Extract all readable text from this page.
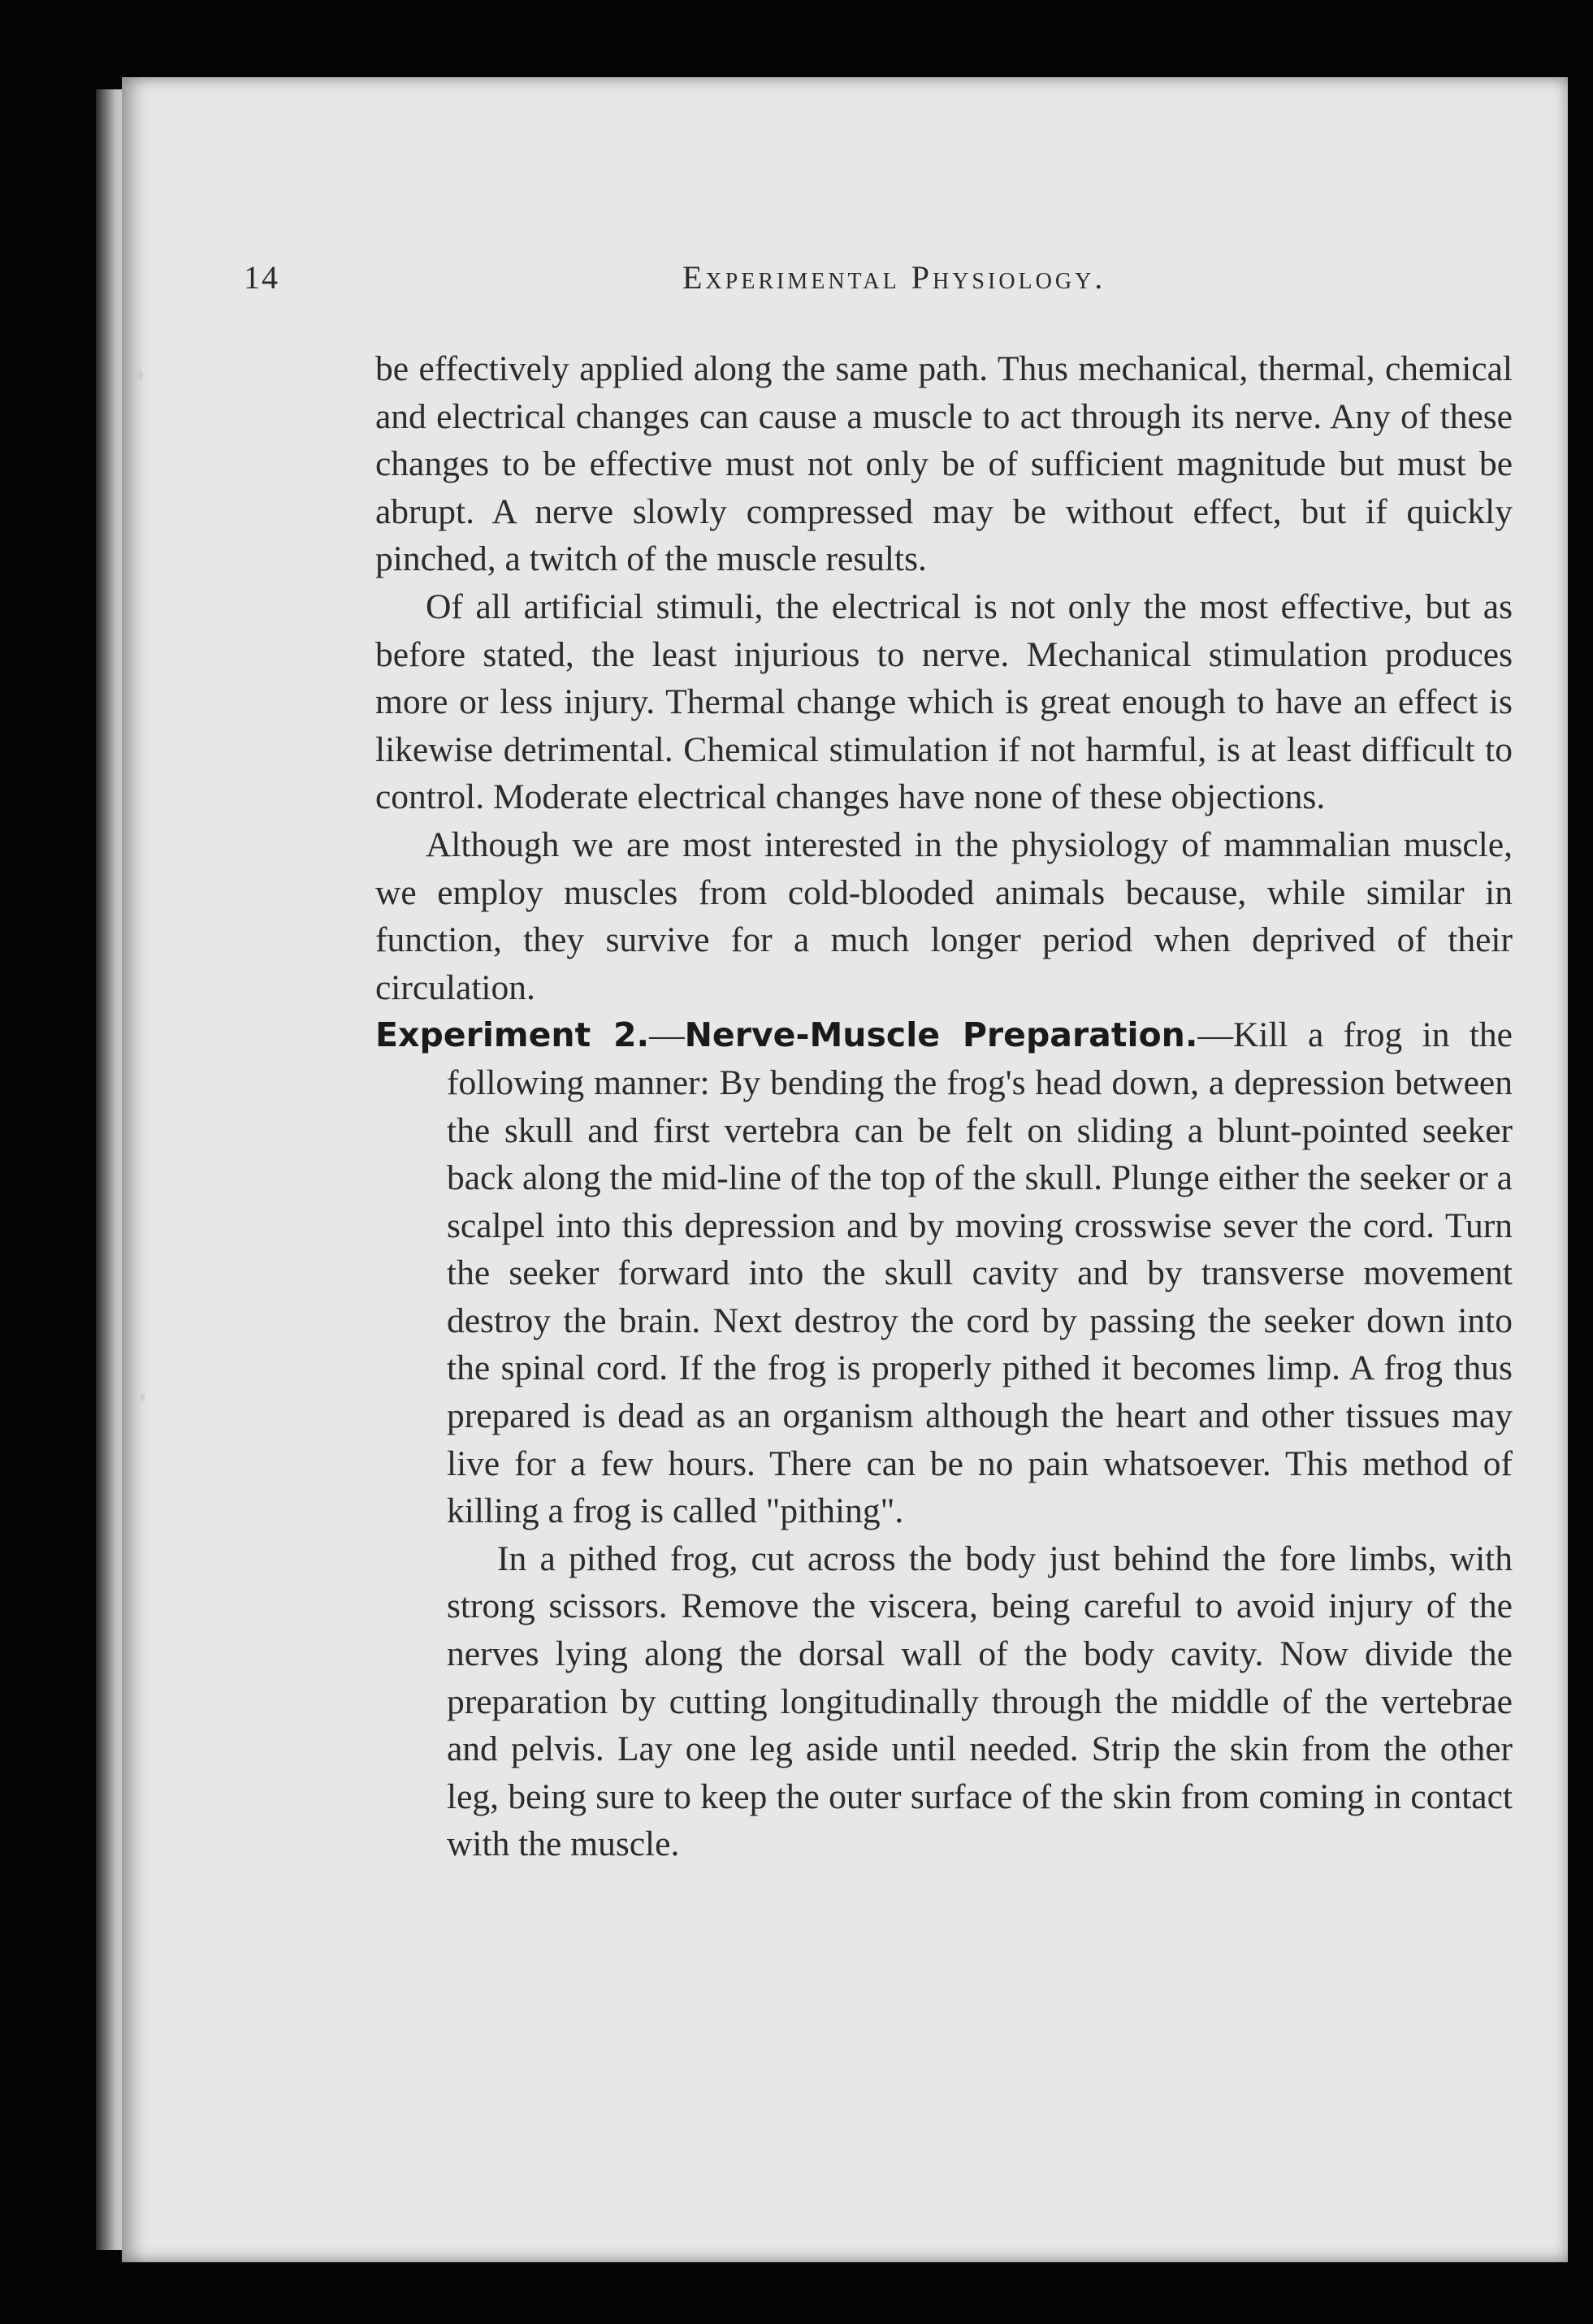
14	Experimental Physiology.

be effectively applied along the same path. Thus mechanical, thermal, chemical and electrical changes can cause a muscle to act through its nerve. Any of these changes to be effective must not only be of sufficient magnitude but must be abrupt. A nerve slowly compressed may be without effect, but if quickly pinched, a twitch of the muscle results.

Of all artificial stimuli, the electrical is not only the most effective, but as before stated, the least injurious to nerve. Mechanical stimulation produces more or less injury. Thermal change which is great enough to have an effect is likewise detrimental. Chemical stimulation if not harmful, is at least difficult to control. Moderate electrical changes have none of these objections.

Although we are most interested in the physiology of mammalian muscle, we employ muscles from cold-blooded animals because, while similar in function, they survive for a much longer period when deprived of their circulation.

Experiment 2.—Nerve-Muscle Preparation.—Kill a frog in the following manner: By bending the frog's head down, a depression between the skull and first vertebra can be felt on sliding a blunt-pointed seeker back along the mid-line of the top of the skull. Plunge either the seeker or a scalpel into this depression and by moving crosswise sever the cord. Turn the seeker forward into the skull cavity and by transverse movement destroy the brain. Next destroy the cord by passing the seeker down into the spinal cord. If the frog is properly pithed it becomes limp. A frog thus prepared is dead as an organism although the heart and other tissues may live for a few hours. There can be no pain whatsoever. This method of killing a frog is called "pithing".

In a pithed frog, cut across the body just behind the fore limbs, with strong scissors. Remove the viscera, being careful to avoid injury of the nerves lying along the dorsal wall of the body cavity. Now divide the preparation by cutting longitudinally through the middle of the vertebrae and pelvis. Lay one leg aside until needed. Strip the skin from the other leg, being sure to keep the outer surface of the skin from coming in contact with the muscle.
